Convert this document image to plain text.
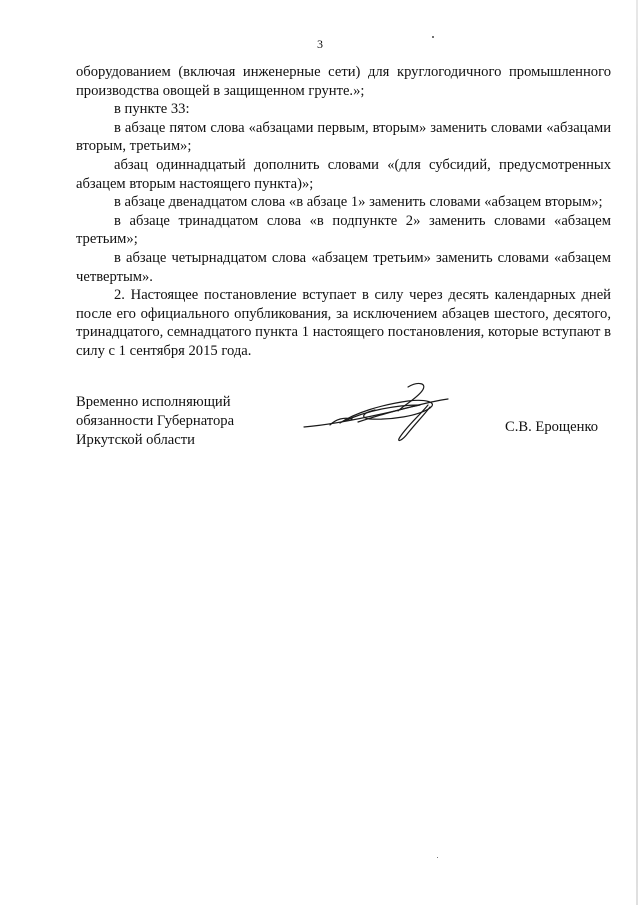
3

оборудованием (включая инженерные сети) для круглогодичного промышленного производства овощей в защищенном грунте.»;

в пункте 33:

в абзаце пятом слова «абзацами первым, вторым» заменить словами «абзацами вторым, третьим»;

абзац одиннадцатый дополнить словами «(для субсидий, предусмотренных абзацем вторым настоящего пункта)»;

в абзаце двенадцатом слова «в абзаце 1» заменить словами «абзацем вторым»;

в абзаце тринадцатом слова «в подпункте 2» заменить словами «абзацем третьим»;

в абзаце четырнадцатом слова «абзацем третьим» заменить словами «абзацем четвертым».

2. Настоящее постановление вступает в силу через десять календарных дней после его официального опубликования, за исключением абзацев шестого, десятого, тринадцатого, семнадцатого пункта 1 настоящего постановления, которые вступают в силу с 1 сентября 2015 года.

Временно исполняющий
обязанности Губернатора
Иркутской области
С.В. Ерощенко
